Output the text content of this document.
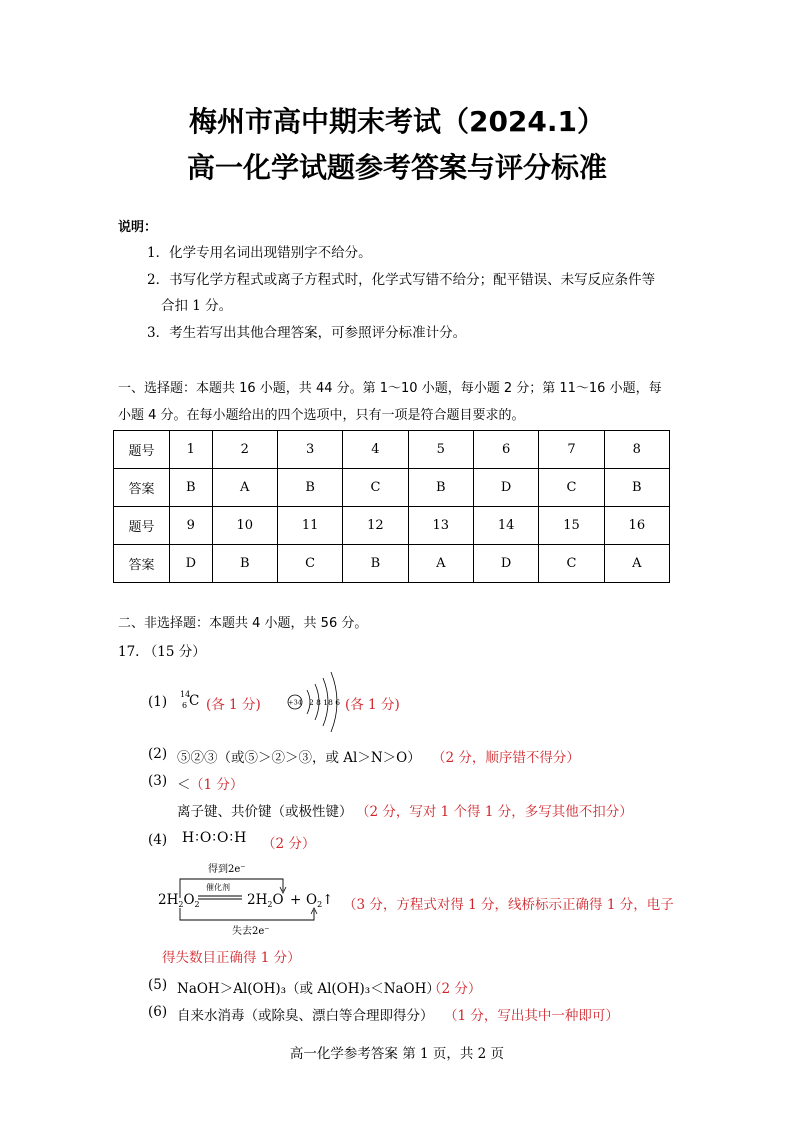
梅州市高中期末考试（2024.1）
高一化学试题参考答案与评分标准
说明：
1．化学专用名词出现错别字不给分。
2．书写化学方程式或离子方程式时，化学式写错不给分；配平错误、未写反应条件等
合扣 1 分。
3．考生若写出其他合理答案，可参照评分标准计分。
一、选择题：本题共 16 小题，共 44 分。第 1～10 小题，每小题 2 分；第 11～16 小题，每
小题 4 分。在每小题给出的四个选项中，只有一项是符合题目要求的。
题号	1	2	3	4	5	6	7	8
答案	B	A	B	C	B	D	C	B
题号	9	10	11	12	13	14	15	16
答案	D	B	C	B	A	D	C	A
二、非选择题：本题共 4 小题，共 56 分。
17. （15 分）
(1) 14
6 C (各 1 分)	+34 2 8 18 6 (各 1 分)
(2) ⑤②③（或⑤＞②＞③，或 Al＞N＞O） （2 分，顺序错不得分）
(3) ＜ （1 分）
离子键、共价键（或极性键） （2 分，写对 1 个得 1 分，多写其他不扣分）
(4) H∶O∶O∶H （2 分）
得到2e⁻
$2H_2O_2$
催化剂
$2H_2O$ + $O_2↑$
失去2e⁻
（3 分，方程式对得 1 分，线桥标示正确得 1 分，电子
得失数目正确得 1 分）
(5) NaOH＞Al(OH)₃（或 Al(OH)₃＜NaOH）
（2 分）
(6) 自来水消毒（或除臭、漂白等合理即得分） （1 分，写出其中一种即可）
高一化学参考答案 第 1 页，共 2 页
